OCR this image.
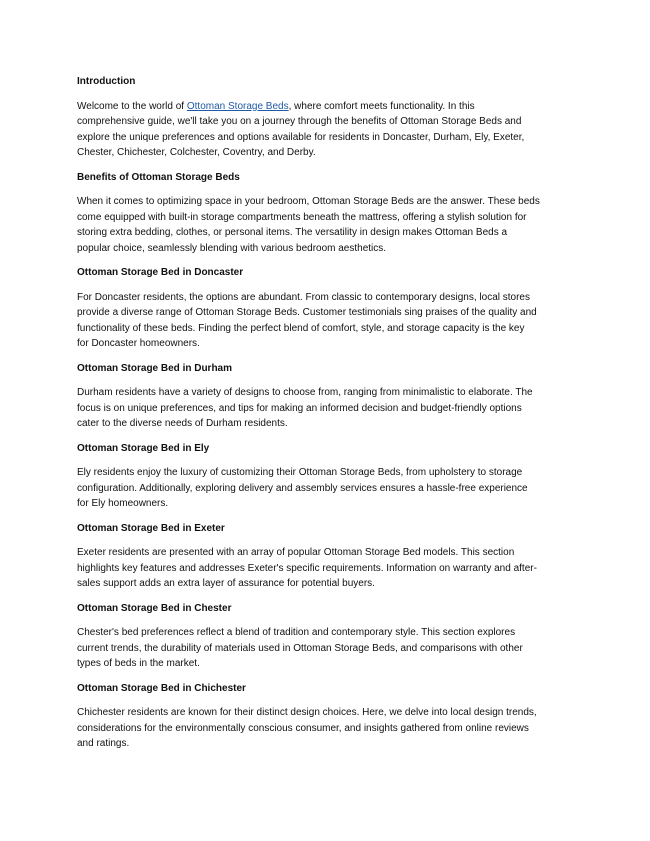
Introduction
Welcome to the world of Ottoman Storage Beds, where comfort meets functionality. In this
comprehensive guide, we'll take you on a journey through the benefits of Ottoman Storage Beds and
explore the unique preferences and options available for residents in Doncaster, Durham, Ely, Exeter,
Chester, Chichester, Colchester, Coventry, and Derby.
Benefits of Ottoman Storage Beds
When it comes to optimizing space in your bedroom, Ottoman Storage Beds are the answer. These beds
come equipped with built-in storage compartments beneath the mattress, offering a stylish solution for
storing extra bedding, clothes, or personal items. The versatility in design makes Ottoman Beds a
popular choice, seamlessly blending with various bedroom aesthetics.
Ottoman Storage Bed in Doncaster
For Doncaster residents, the options are abundant. From classic to contemporary designs, local stores
provide a diverse range of Ottoman Storage Beds. Customer testimonials sing praises of the quality and
functionality of these beds. Finding the perfect blend of comfort, style, and storage capacity is the key
for Doncaster homeowners.
Ottoman Storage Bed in Durham
Durham residents have a variety of designs to choose from, ranging from minimalistic to elaborate. The
focus is on unique preferences, and tips for making an informed decision and budget-friendly options
cater to the diverse needs of Durham residents.
Ottoman Storage Bed in Ely
Ely residents enjoy the luxury of customizing their Ottoman Storage Beds, from upholstery to storage
configuration. Additionally, exploring delivery and assembly services ensures a hassle-free experience
for Ely homeowners.
Ottoman Storage Bed in Exeter
Exeter residents are presented with an array of popular Ottoman Storage Bed models. This section
highlights key features and addresses Exeter's specific requirements. Information on warranty and after-
sales support adds an extra layer of assurance for potential buyers.
Ottoman Storage Bed in Chester
Chester's bed preferences reflect a blend of tradition and contemporary style. This section explores
current trends, the durability of materials used in Ottoman Storage Beds, and comparisons with other
types of beds in the market.
Ottoman Storage Bed in Chichester
Chichester residents are known for their distinct design choices. Here, we delve into local design trends,
considerations for the environmentally conscious consumer, and insights gathered from online reviews
and ratings.
